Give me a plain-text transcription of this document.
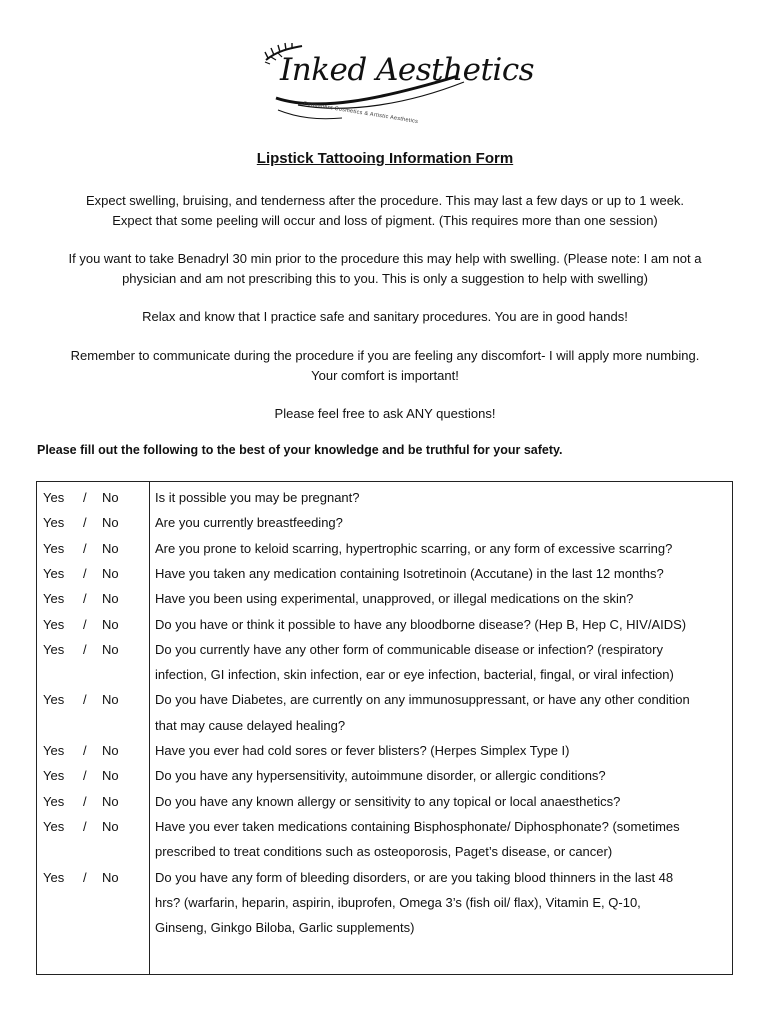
Inked Aesthetics
Permanent Cosmetics & Artistic Aesthetics
Lipstick Tattooing Information Form
Expect swelling, bruising, and tenderness after the procedure. This may last a few days or up to 1 week.
Expect that some peeling will occur and loss of pigment. (This requires more than one session)
If you want to take Benadryl 30 min prior to the procedure this may help with swelling. (Please note: I am not a
physician and am not prescribing this to you. This is only a suggestion to help with swelling)
Relax and know that I practice safe and sanitary procedures. You are in good hands!
Remember to communicate during the procedure if you are feeling any discomfort- I will apply more numbing.
Your comfort is important!
Please feel free to ask ANY questions!
Please fill out the following to the best of your knowledge and be truthful for your safety.
Yes / No	Is it possible you may be pregnant?
Yes / No	Are you currently breastfeeding?
Yes / No	Are you prone to keloid scarring, hypertrophic scarring, or any form of excessive scarring?
Yes / No	Have you taken any medication containing Isotretinoin (Accutane) in the last 12 months?
Yes / No	Have you been using experimental, unapproved, or illegal medications on the skin?
Yes / No	Do you have or think it possible to have any bloodborne disease? (Hep B, Hep C, HIV/AIDS)
Yes / No	Do you currently have any other form of communicable disease or infection? (respiratory
infection, GI infection, skin infection, ear or eye infection, bacterial, fingal, or viral infection)
Yes / No	Do you have Diabetes, are currently on any immunosuppressant, or have any other condition
that may cause delayed healing?
Yes / No	Have you ever had cold sores or fever blisters? (Herpes Simplex Type I)
Yes / No	Do you have any hypersensitivity, autoimmune disorder, or allergic conditions?
Yes / No	Do you have any known allergy or sensitivity to any topical or local anaesthetics?
Yes / No	Have you ever taken medications containing Bisphosphonate/ Diphosphonate? (sometimes
prescribed to treat conditions such as osteoporosis, Paget’s disease, or cancer)
Yes / No	Do you have any form of bleeding disorders, or are you taking blood thinners in the last 48
hrs? (warfarin, heparin, aspirin, ibuprofen, Omega 3’s (fish oil/ flax), Vitamin E, Q-10,
Ginseng, Ginkgo Biloba, Garlic supplements)
